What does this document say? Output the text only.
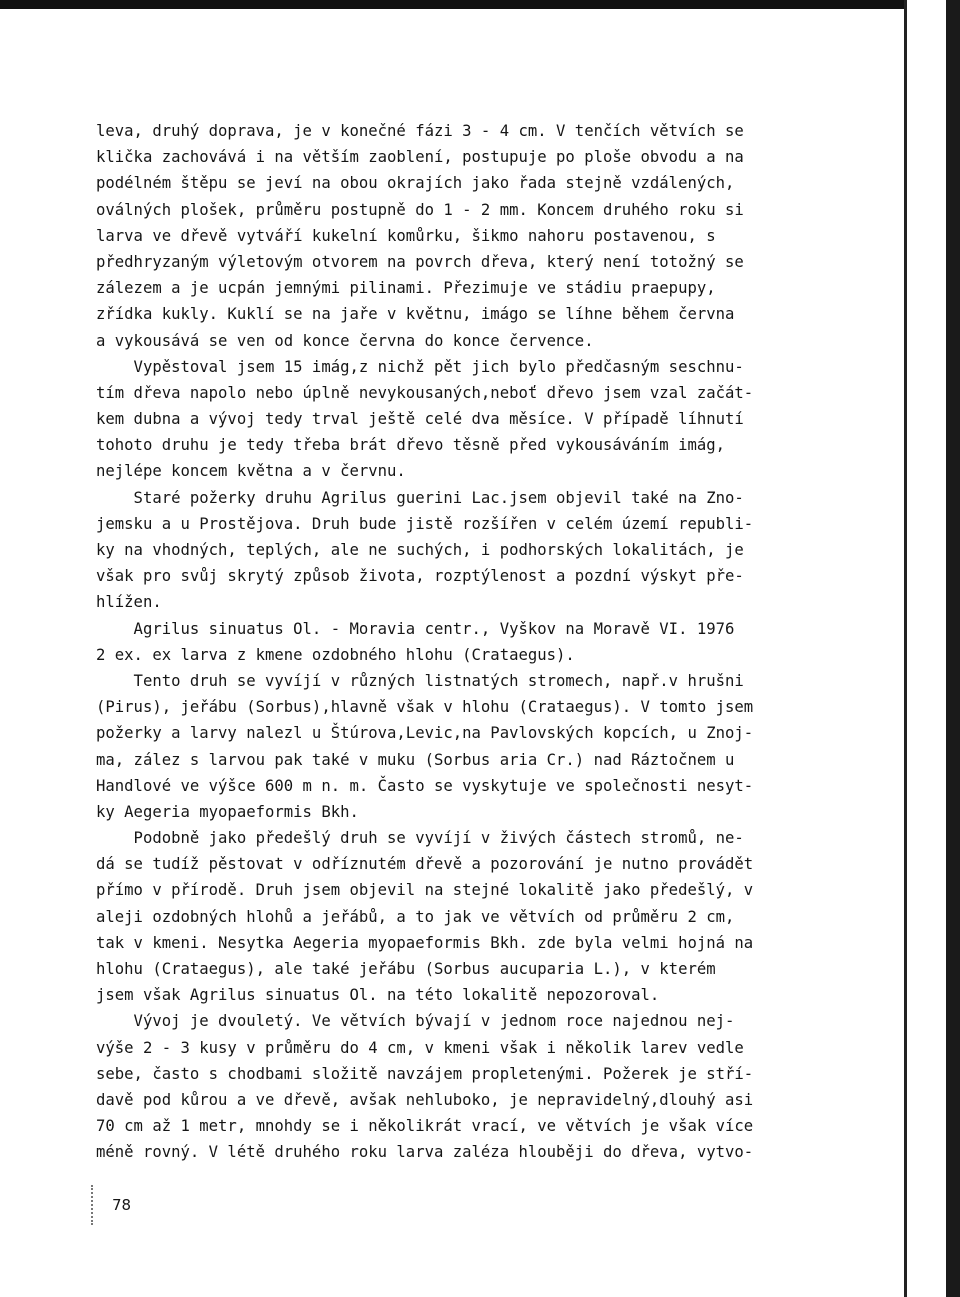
leva, druhý doprava, je v konečné fázi 3 - 4 cm. V tenčích větvích se
klička zachovává i na větším zaoblení, postupuje po ploše obvodu a na
podélném štěpu se jeví na obou okrajích jako řada stejně vzdálených,
oválných plošek, průměru postupně do 1 - 2 mm. Koncem druhého roku si
larva ve dřevě vytváří kukelní komůrku, šikmo nahoru postavenou, s
předhryzaným výletovým otvorem na povrch dřeva, který není totožný se
zálezem a je ucpán jemnými pilinami. Přezimuje ve stádiu praepupy,
zřídka kukly. Kuklí se na jaře v květnu, imágo se líhne během června
a vykousává se ven od konce června do konce července.
Vypěstoval jsem 15 imág,z nichž pět jich bylo předčasným seschnu-
tím dřeva napolo nebo úplně nevykousaných,neboť dřevo jsem vzal začát-
kem dubna a vývoj tedy trval ještě celé dva měsíce. V případě líhnutí
tohoto druhu je tedy třeba brát dřevo těsně před vykousáváním imág,
nejlépe koncem května a v červnu.
Staré požerky druhu Agrilus guerini Lac.jsem objevil také na Zno-
jemsku a u Prostějova. Druh bude jistě rozšířen v celém území republi-
ky na vhodných, teplých, ale ne suchých, i podhorských lokalitách, je
však pro svůj skrytý způsob života, rozptýlenost a pozdní výskyt pře-
hlížen.
Agrilus sinuatus Ol. - Moravia centr., Vyškov na Moravě VI. 1976
2 ex. ex larva z kmene ozdobného hlohu (Crataegus).
Tento druh se vyvíjí v různých listnatých stromech, např.v hrušni
(Pirus), jeřábu (Sorbus),hlavně však v hlohu (Crataegus). V tomto jsem
požerky a larvy nalezl u Štúrova,Levic,na Pavlovských kopcích, u Znoj-
ma, zález s larvou pak také v muku (Sorbus aria Cr.) nad Ráztočnem u
Handlové ve výšce 600 m n. m. Často se vyskytuje ve společnosti nesyt-
ky Aegeria myopaeformis Bkh.
Podobně jako předešlý druh se vyvíjí v živých částech stromů, ne-
dá se tudíž pěstovat v odříznutém dřevě a pozorování je nutno provádět
přímo v přírodě. Druh jsem objevil na stejné lokalitě jako předešlý, v
aleji ozdobných hlohů a jeřábů, a to jak ve větvích od průměru 2 cm,
tak v kmeni. Nesytka Aegeria myopaeformis Bkh. zde byla velmi hojná na
hlohu (Crataegus), ale také jeřábu (Sorbus aucuparia L.), v kterém
jsem však Agrilus sinuatus Ol. na této lokalitě nepozoroval.
Vývoj je dvouletý. Ve větvích bývají v jednom roce najednou nej-
výše 2 - 3 kusy v průměru do 4 cm, v kmeni však i několik larev vedle
sebe, často s chodbami složitě navzájem propletenými. Požerek je stří-
davě pod kůrou a ve dřevě, avšak nehluboko, je nepravidelný,dlouhý asi
70 cm až 1 metr, mnohdy se i několikrát vrací, ve větvích je však více
méně rovný. V létě druhého roku larva zaléza hlouběji do dřeva, vytvo-
78
